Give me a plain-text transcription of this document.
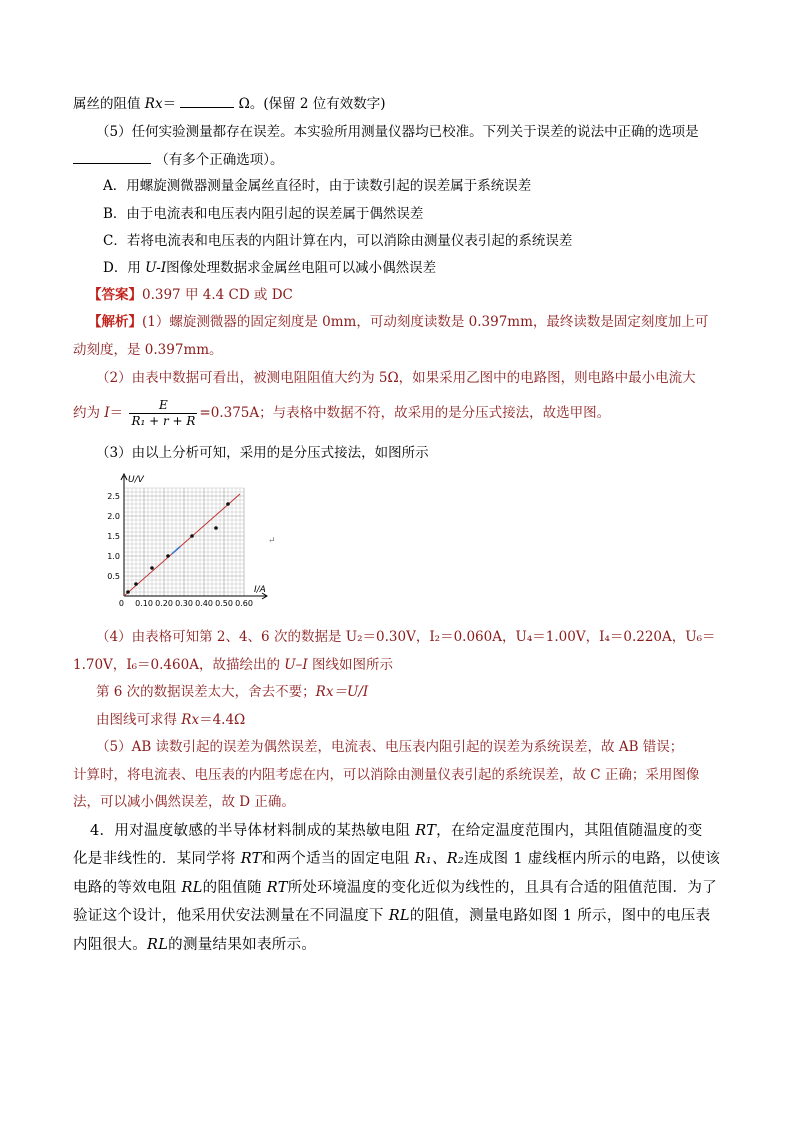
属丝的阻值 Rx＝	Ω。(保留 2 位有效数字)
（5）任何实验测量都存在误差。本实验所用测量仪器均已校准。下列关于误差的说法中正确的选项是
（有多个正确选项）。
A．用螺旋测微器测量金属丝直径时，由于读数引起的误差属于系统误差
B．由于电流表和电压表内阻引起的误差属于偶然误差
C．若将电流表和电压表的内阻计算在内，可以消除由测量仪表引起的系统误差
D．用 U-I图像处理数据求金属丝电阻可以减小偶然误差
【答案】0.397 甲 4.4 CD 或 DC
【解析】(1）螺旋测微器的固定刻度是 0mm，可动刻度读数是 0.397mm，最终读数是固定刻度加上可
动刻度，是 0.397mm。
（2）由表中数据可看出，被测电阻阻值大约为 5Ω，如果采用乙图中的电路图，则电路中最小电流大
约为 $I= \frac{E}{\text{R₁ + r + R}} =0.375A$；与表格中数据不符，故采用的是分压式接法，故选甲图。
（3）由以上分析可知，采用的是分压式接法，如图所示
U/V
I/A
0.5
1.0
1.5
2.0
2.5
0 0.10 0.20 0.30 0.40 0.50 0.60
↵
（4）由表格可知第 2、4、6 次的数据是 U₂＝0.30V，I₂＝0.060A，U₄＝1.00V，I₄＝0.220A，U₆＝
1.70V，I₆＝0.460A，故描绘出的 U–I 图线如图所示
第 6 次的数据误差太大，舍去不要；Rx＝U/I
由图线可求得 Rx＝4.4Ω
（5）AB 读数引起的误差为偶然误差，电流表、电压表内阻引起的误差为系统误差，故 AB 错误；
计算时，将电流表、电压表的内阻考虑在内，可以消除由测量仪表引起的系统误差，故 C 正确；采用图像
法，可以减小偶然误差，故 D 正确。
4．用对温度敏感的半导体材料制成的某热敏电阻 RT，在给定温度范围内，其阻值随温度的变
化是非线性的．某同学将 RT和两个适当的固定电阻 R₁、R₂连成图 1 虚线框内所示的电路，以使该
电路的等效电阻 RL的阻值随 RT所处环境温度的变化近似为线性的，且具有合适的阻值范围．为了
验证这个设计，他采用伏安法测量在不同温度下 RL的阻值，测量电路如图 1 所示，图中的电压表
内阻很大。RL的测量结果如表所示。
